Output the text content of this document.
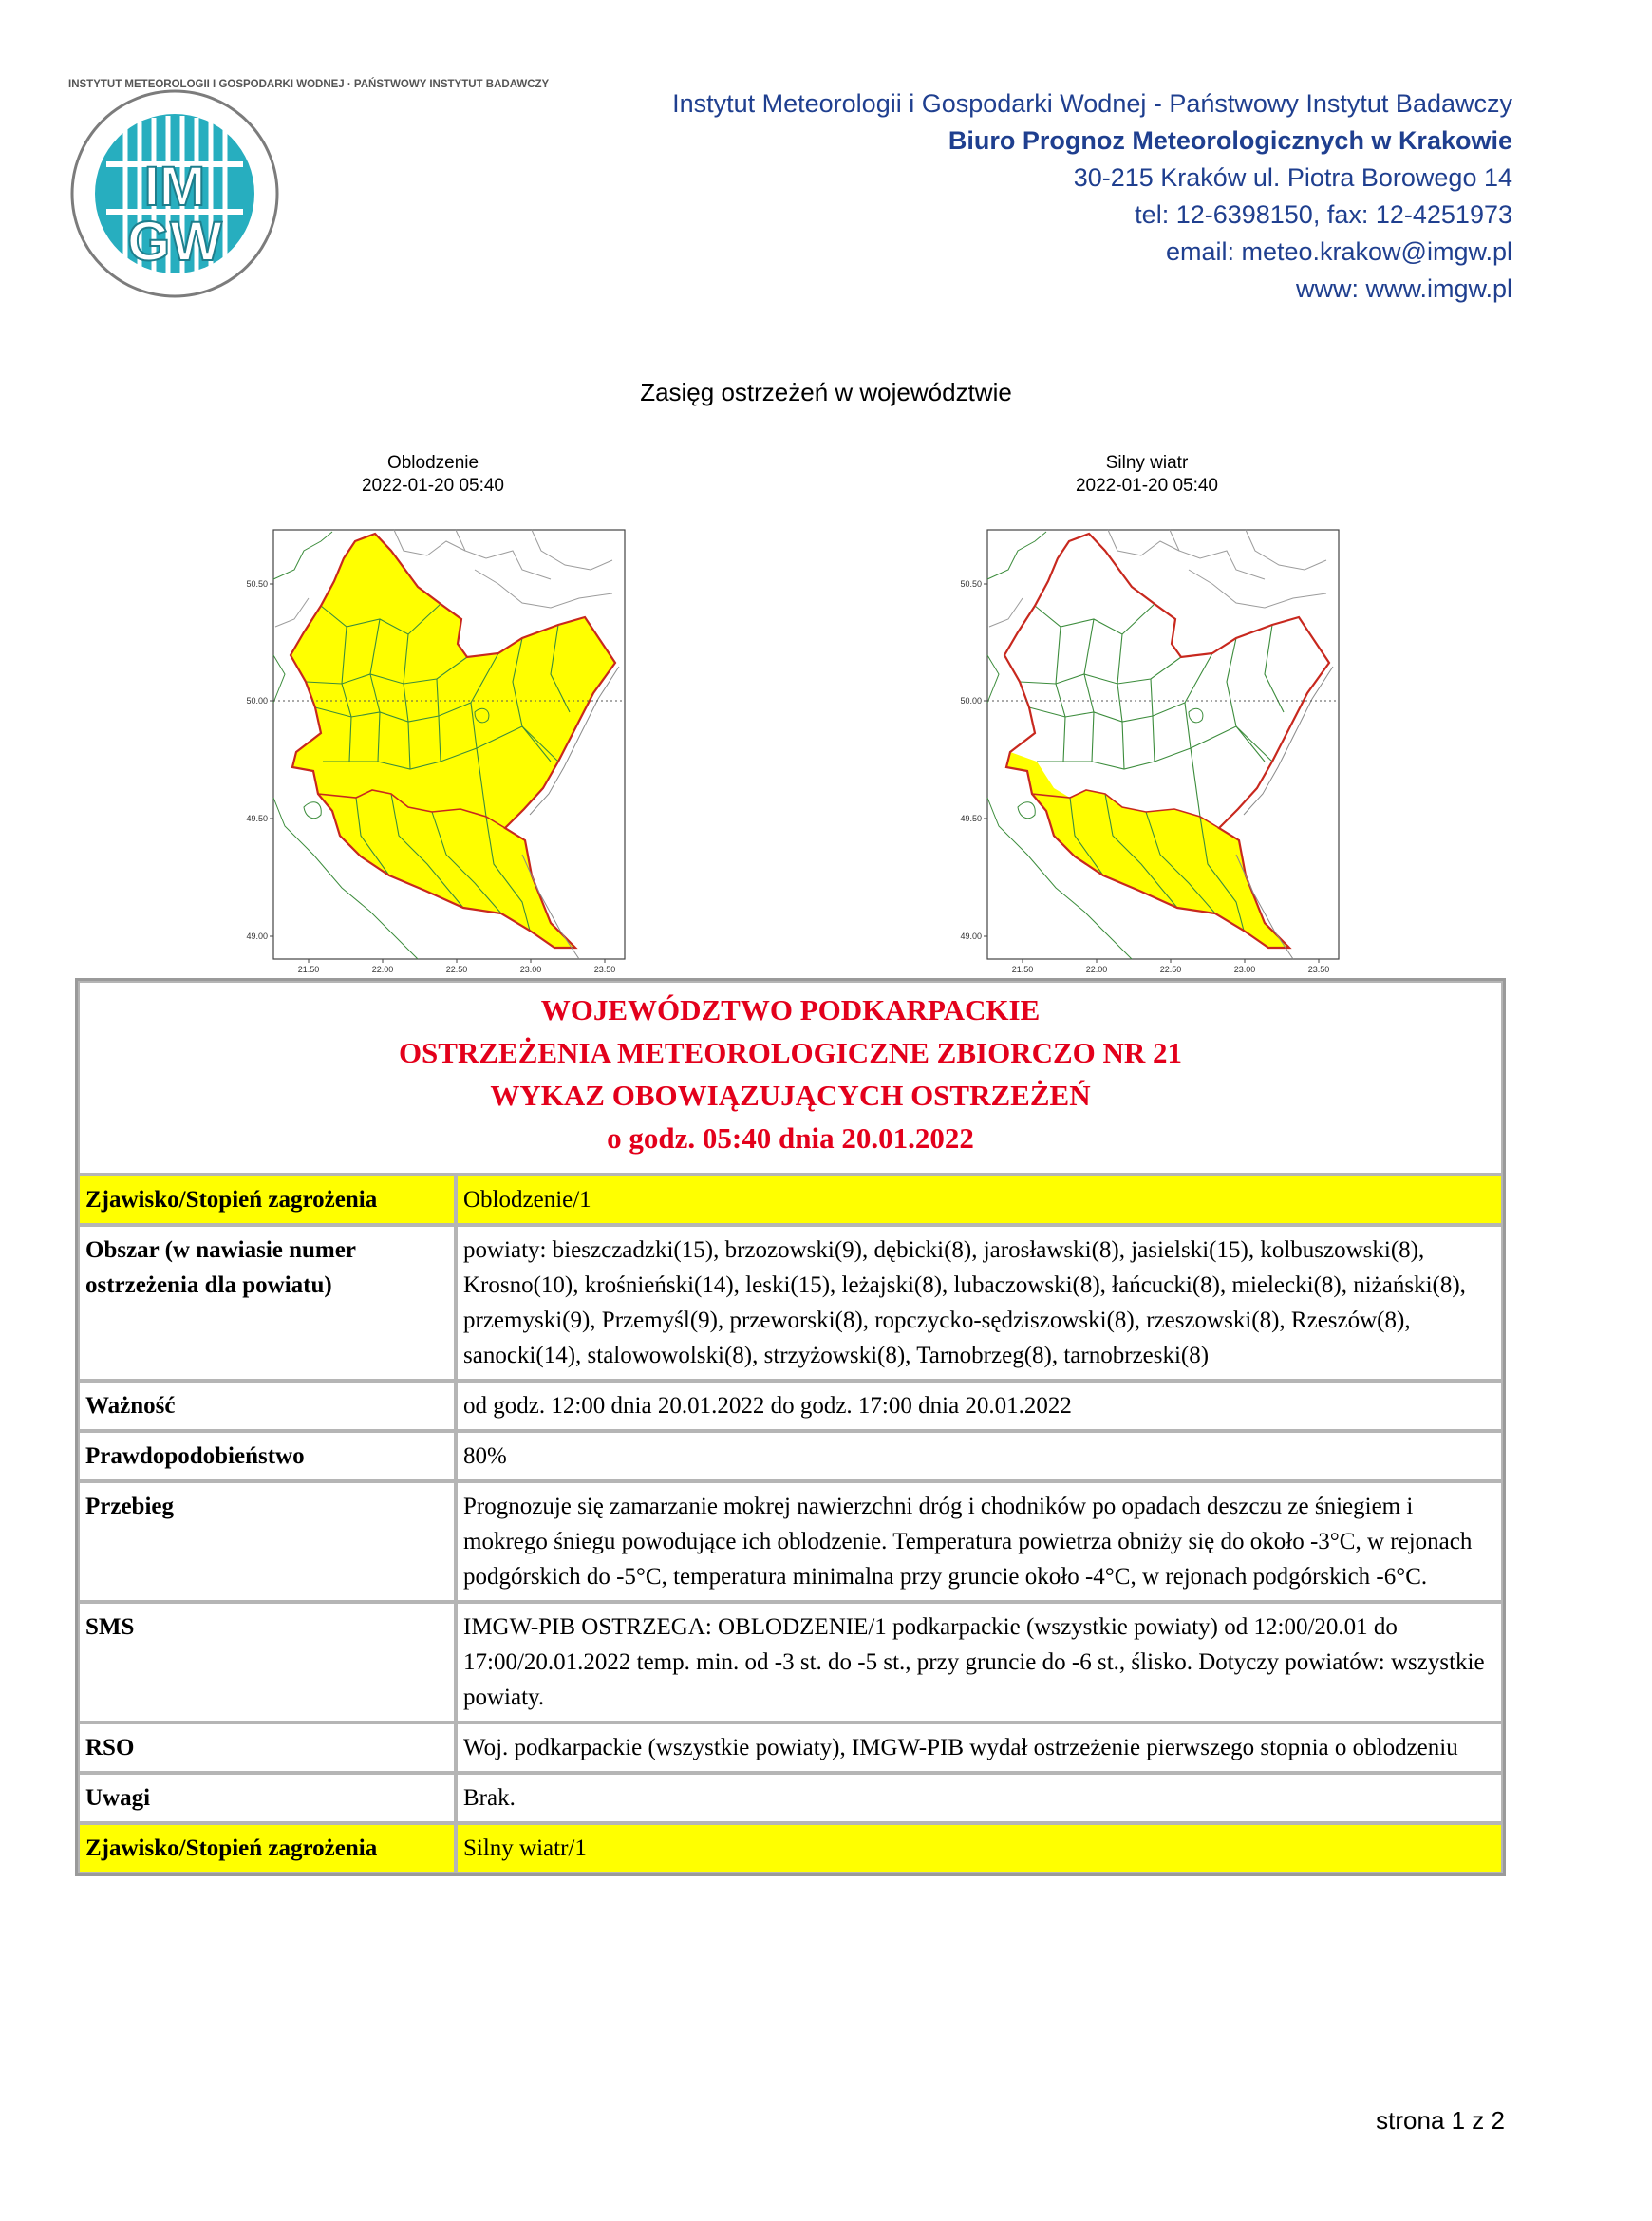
IM
GW
INSTYTUT METEOROLOGII I GOSPODARKI WODNEJ · PAŃSTWOWY INSTYTUT BADAWCZY
Instytut Meteorologii i Gospodarki Wodnej - Państwowy Instytut Badawczy
Biuro Prognoz Meteorologicznych w Krakowie
30-215 Kraków ul. Piotra Borowego 14
tel: 12-6398150, fax: 12-4251973
email: meteo.krakow@imgw.pl
www: www.imgw.pl
Zasięg ostrzeżeń w województwie
Oblodzenie
2022-01-20 05:40
50.50
50.00
49.50
49.00
21.50	22.00	22.50	23.00	23.50
Silny wiatr
2022-01-20 05:40
50.50
50.00
49.50
49.00
21.50	22.00	22.50	23.00	23.50
WOJEWÓDZTWO PODKARPACKIE
OSTRZEŻENIA METEOROLOGICZNE ZBIORCZO NR 21
WYKAZ OBOWIĄZUJĄCYCH OSTRZEŻEŃ
o godz. 05:40 dnia 20.01.2022	

Zjawisko/Stopień zagrożenia	Oblodzenie/1
Obszar (w nawiasie numer ostrzeżenia dla powiatu)	powiaty: bieszczadzki(15), brzozowski(9), dębicki(8), jarosławski(8), jasielski(15), kolbuszowski(8), Krosno(10), krośnieński(14), leski(15), leżajski(8), lubaczowski(8), łańcucki(8), mielecki(8), niżański(8), przemyski(9), Przemyśl(9), przeworski(8), ropczycko-sędziszowski(8), rzeszowski(8), Rzeszów(8), sanocki(14), stalowowolski(8), strzyżowski(8), Tarnobrzeg(8), tarnobrzeski(8)
Ważność	od godz. 12:00 dnia 20.01.2022 do godz. 17:00 dnia 20.01.2022
Prawdopodobieństwo	80%
Przebieg	Prognozuje się zamarzanie mokrej nawierzchni dróg i chodników po opadach deszczu ze śniegiem i mokrego śniegu powodujące ich oblodzenie. Temperatura powietrza obniży się do około -3°C, w rejonach podgórskich do -5°C, temperatura minimalna przy gruncie około -4°C, w rejonach podgórskich -6°C.
SMS	IMGW-PIB OSTRZEGA: OBLODZENIE/1 podkarpackie (wszystkie powiaty) od 12:00/20.01 do 17:00/20.01.2022 temp. min. od -3 st. do -5 st., przy gruncie do -6 st., ślisko. Dotyczy powiatów: wszystkie powiaty.
RSO	Woj. podkarpackie (wszystkie powiaty), IMGW-PIB wydał ostrzeżenie pierwszego stopnia o oblodzeniu
Uwagi	Brak.
Zjawisko/Stopień zagrożenia	Silny wiatr/1
strona 1 z 2
